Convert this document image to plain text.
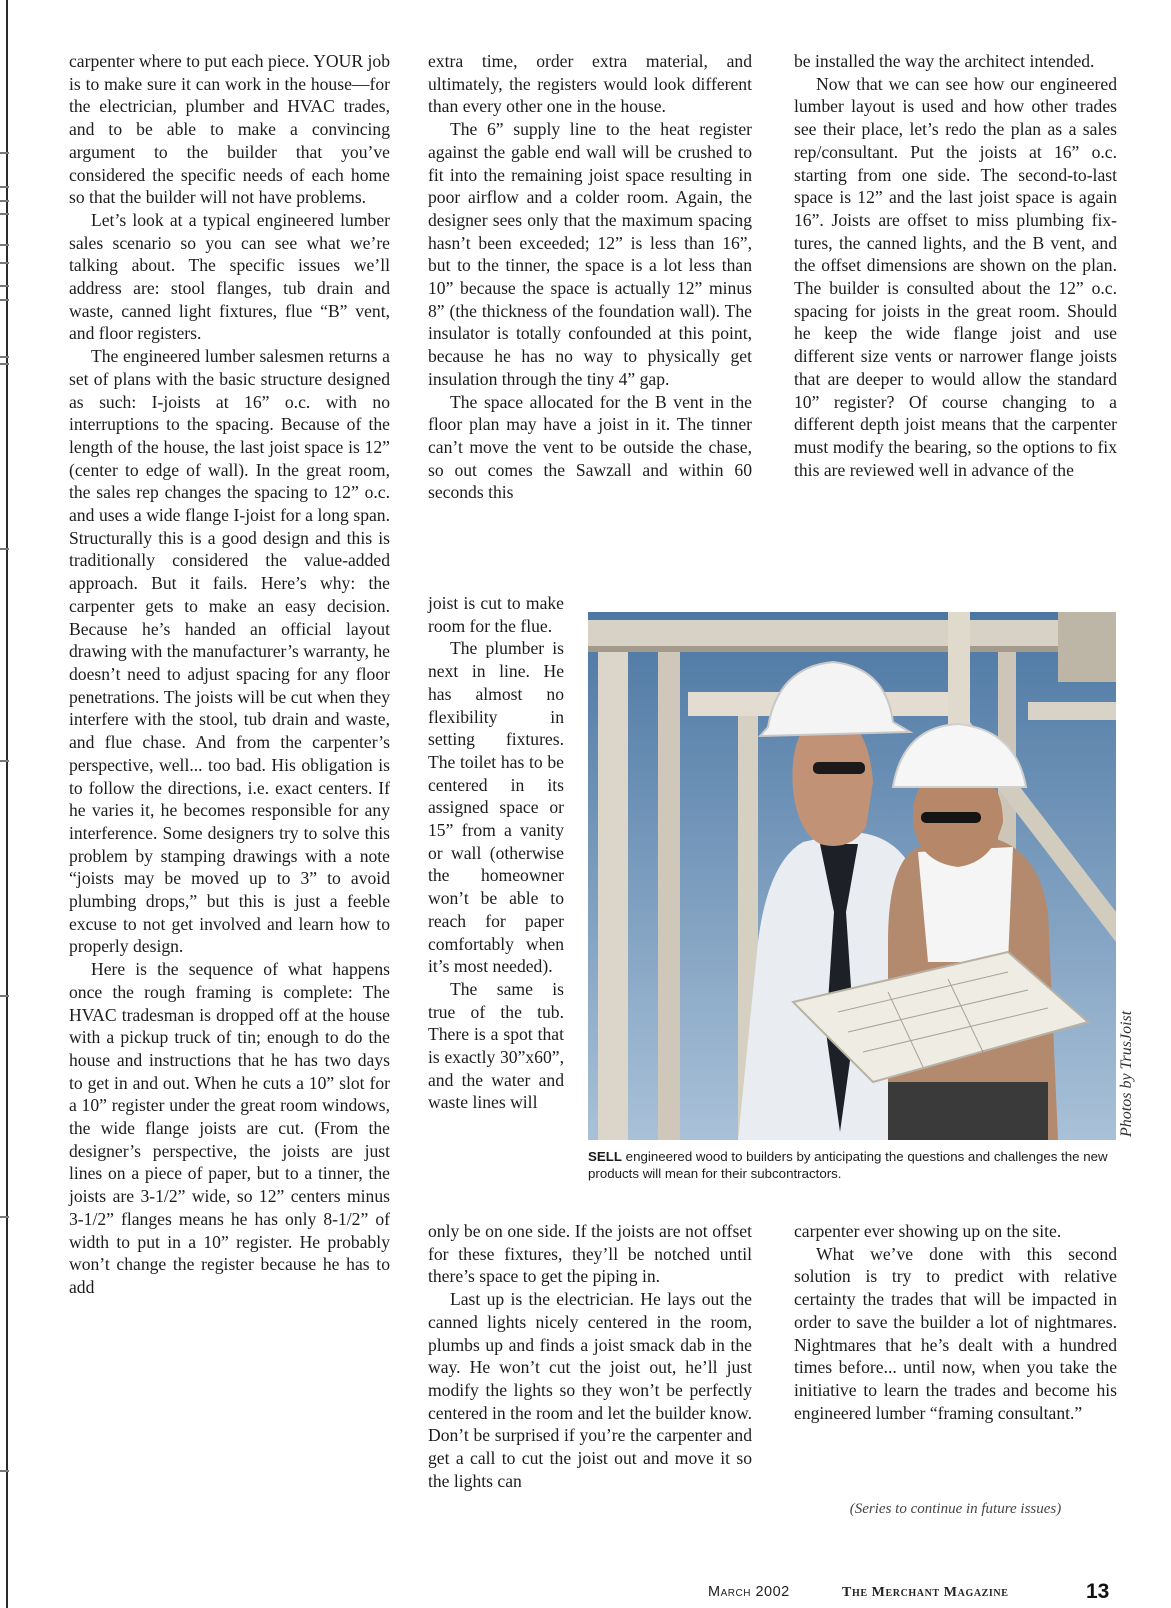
carpenter where to put each piece. YOUR job is to make sure it can work in the house—for the electrician, plumber and HVAC trades, and to be able to make a convincing argument to the builder that you’ve considered the specific needs of each home so that the builder will not have problems.

Let’s look at a typical engineered lumber sales scenario so you can see what we’re talking about. The specific issues we’ll address are: stool flanges, tub drain and waste, canned light fixtures, flue “B” vent, and floor registers.

The engineered lumber salesmen returns a set of plans with the basic structure designed as such: I-joists at 16” o.c. with no interruptions to the spacing. Because of the length of the house, the last joist space is 12” (center to edge of wall). In the great room, the sales rep changes the spacing to 12” o.c. and uses a wide flange I-joist for a long span. Structurally this is a good design and this is traditionally considered the value-added approach. But it fails. Here’s why: the carpenter gets to make an easy decision. Because he’s handed an official layout drawing with the manufacturer’s warranty, he doesn’t need to adjust spacing for any floor penetrations. The joists will be cut when they interfere with the stool, tub drain and waste, and flue chase. And from the carpenter’s perspective, well... too bad. His obligation is to follow the directions, i.e. exact centers. If he varies it, he becomes responsible for any interference. Some designers try to solve this problem by stamping drawings with a note “joists may be moved up to 3” to avoid plumbing drops,” but this is just a feeble excuse to not get involved and learn how to properly design.

Here is the sequence of what happens once the rough framing is complete: The HVAC tradesman is dropped off at the house with a pickup truck of tin; enough to do the house and instructions that he has two days to get in and out. When he cuts a 10” slot for a 10” register under the great room windows, the wide flange joists are cut. (From the designer’s perspective, the joists are just lines on a piece of paper, but to a tinner, the joists are 3-1/2” wide, so 12” centers minus 3-1/2” flanges means he has only 8-1/2” of width to put in a 10” register. He probably won’t change the register because he has to add

extra time, order extra material, and ultimately, the registers would look different than every other one in the house.

The 6” supply line to the heat register against the gable end wall will be crushed to fit into the remaining joist space resulting in poor airflow and a colder room. Again, the designer sees only that the maximum spacing hasn’t been exceeded; 12” is less than 16”, but to the tinner, the space is a lot less than 10” because the space is actually 12” minus 8” (the thickness of the foundation wall). The insulator is totally confounded at this point, because he has no way to physically get insulation through the tiny 4” gap.

The space allocated for the B vent in the floor plan may have a joist in it. The tinner can’t move the vent to be outside the chase, so out comes the Sawzall and within 60 seconds this

joist is cut to make room for the flue.

The plumber is next in line. He has almost no flexibility in setting fixtures. The toilet has to be centered in its assigned space or 15” from a vanity or wall (otherwise the homeowner won’t be able to reach for paper comfortably when it’s most needed).

The same is true of the tub. There is a spot that is exactly 30”x60”, and the water and waste lines will

only be on one side. If the joists are not offset for these fixtures, they’ll be notched until there’s space to get the piping in.

Last up is the electrician. He lays out the canned lights nicely centered in the room, plumbs up and finds a joist smack dab in the way. He won’t cut the joist out, he’ll just modify the lights so they won’t be perfectly centered in the room and let the builder know. Don’t be surprised if you’re the carpenter and get a call to cut the joist out and move it so the lights can

be installed the way the architect intended.

Now that we can see how our engineered lumber layout is used and how other trades see their place, let’s redo the plan as a sales rep/consultant. Put the joists at 16” o.c. starting from one side. The second-to-last space is 12” and the last joist space is again 16”. Joists are offset to miss plumbing fixtures, the canned lights, and the B vent, and the offset dimensions are shown on the plan. The builder is consulted about the 12” o.c. spacing for joists in the great room. Should he keep the wide flange joist and use different size vents or narrower flange joists that are deeper to would allow the standard 10” register? Of course changing to a different depth joist means that the carpenter must modify the bearing, so the options to fix this are reviewed well in advance of the

carpenter ever showing up on the site.

What we’ve done with this second solution is try to predict with relative certainty the trades that will be impacted in order to save the builder a lot of nightmares. Nightmares that he’s dealt with a hundred times before... until now, when you take the initiative to learn the trades and become his engineered lumber “framing consultant.”

Photos by TrusJoist
SELL engineered wood to builders by anticipating the questions and challenges the new products will mean for their subcontractors.
(Series to continue in future issues)
March 2002	The Merchant Magazine	13
